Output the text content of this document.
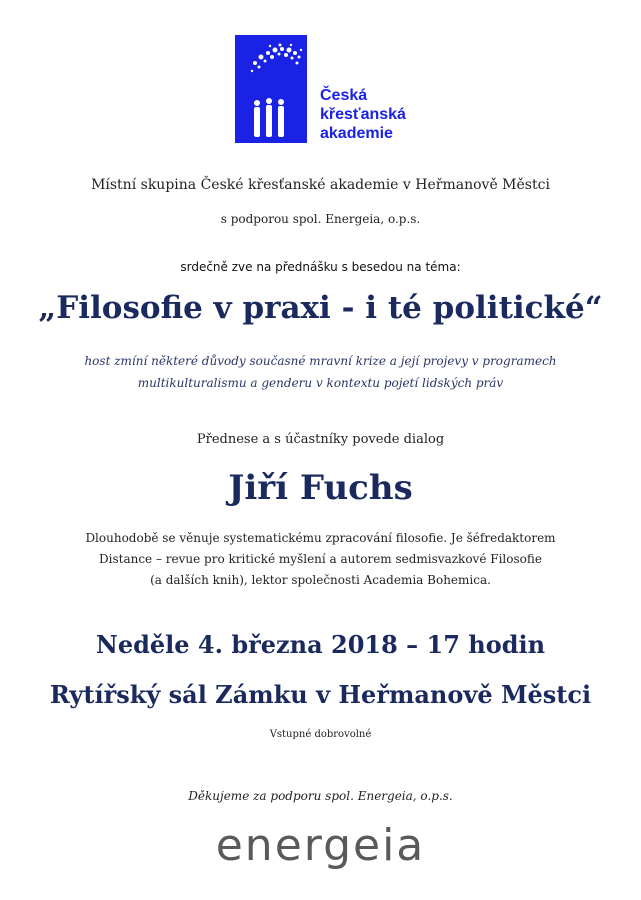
Česká
křesťanská
akademie
Místní skupina České křesťanské akademie v Heřmanově Městci
s podporou spol. Energeia, o.p.s.
srdečně zve na přednášku s besedou na téma:
„Filosofie v praxi - i té politické“
host zmíní některé důvody současné mravní krize a její projevy v programech
multikulturalismu a genderu v kontextu pojetí lidských práv
Přednese a s účastníky povede dialog
Jiří Fuchs
Dlouhodobě se věnuje systematickému zpracování filosofie. Je šéfredaktorem
Distance – revue pro kritické myšlení a autorem sedmisvazkové Filosofie
(a dalších knih), lektor společnosti Academia Bohemica.
Neděle 4. března 2018 – 17 hodin
Rytířský sál Zámku v Heřmanově Městci
Vstupné dobrovolné
Děkujeme za podporu spol. Energeia, o.p.s.
energeia
